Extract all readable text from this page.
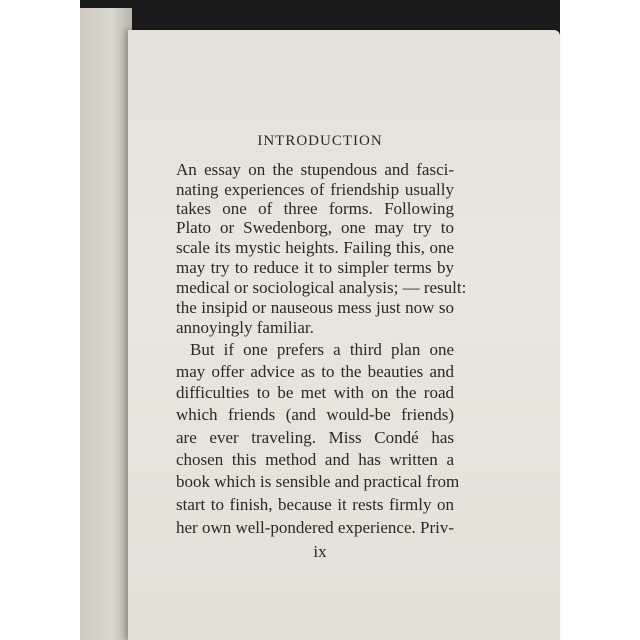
INTRODUCTION
An essay on the stupendous and fasci-
nating experiences of friendship usually
takes one of three forms. Following
Plato or Swedenborg, one may try to
scale its mystic heights. Failing this, one
may try to reduce it to simpler terms by
medical or sociological analysis; — result:
the insipid or nauseous mess just now so
annoyingly familiar.
But if one prefers a third plan one
may offer advice as to the beauties and
difficulties to be met with on the road
which friends (and would-be friends)
are ever traveling. Miss Condé has
chosen this method and has written a
book which is sensible and practical from
start to finish, because it rests firmly on
her own well-pondered experience. Priv-
ix
